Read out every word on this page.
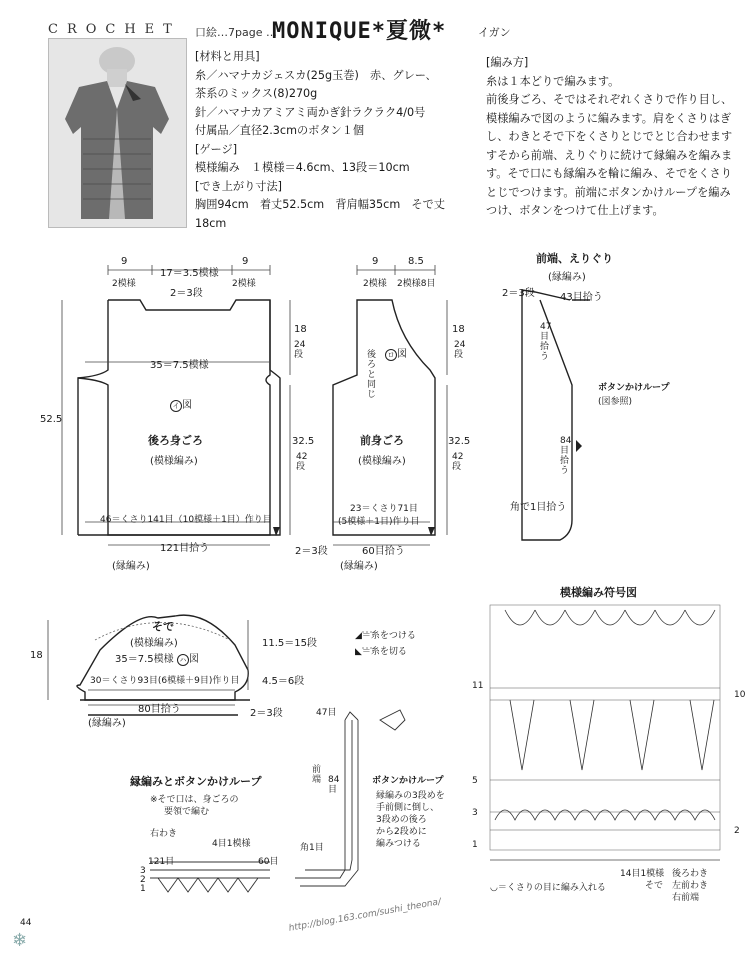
CROCHET 口絵…7page …
MONIQUE*夏微*	イガン
[材料と用具]
糸／ハマナカジェスカ(25g玉巻)　赤、グレー、
茶系のミックス(8)270g
針／ハマナカアミアミ両かぎ針ラクラク4/0号
付属品／直径2.3cmのボタン１個
[ゲージ]
模様編み　１模様＝4.6cm、13段＝10cm
[でき上がり寸法]
胸囲94cm　着丈52.5cm　背肩幅35cm　そで丈
18cm
[編み方]
糸は１本どりで編みます。
前後身ごろ、そではそれぞれくさりで作り目し、
模様編みで図のように編みます。肩をくさりはぎ
し、わきとそで下をくさりとじでとじ合わせます
すそから前端、えりぐりに続けて縁編みを編みま
す。そで口にも縁編みを輪に編み、そでをくさり
とじでつけます。前端にボタンかけループを編み
つけ、ボタンをつけて仕上げます。
9
2模様
17＝3.5模様
9
2模様
2＝3段
35＝7.5模様
イ 図
52.5
18
24段
32.5
42段
後ろ身ごろ
(模様編み)
46＝くさり141目（10模様＋1目）作り目
121目拾う
(縁編み)
9
2模様
8.5
2模様8目
後ろと同じ
ロ 図
18
24段
32.5
42段
前身ごろ
(模様編み)
23＝くさり71目
(5模様＋1目)作り目
2＝3段	60目拾う
(縁編み)
前端、えりぐり
(縁編み)
2＝3段	43目拾う
47目拾う
ボタンかけループ
(図参照)
84目拾う
角で1目拾う
そで
(模様編み)
35＝7.5模様 ハ 図
18
11.5＝15段
4.5＝6段
30＝くさり93目(6模様＋9目)作り目
80目拾う	2＝3段
(縁編み)
◢＝糸をつける
◣＝糸を切る
縁編みとボタンかけループ
※そで口は、身ごろの
要領で編む
右わき
4目1模様
121目	60目
3
2
1
47目
前端 84目
角1目
ボタンかけループ
縁編みの3段めを
手前側に倒し、
3段めの後ろ
から2段めに
編みつける
模様編み符号図
11
10
5
3
1
2
14目1模様 後ろわき
そで 左前わき
右前端
◡＝くさりの目に編み入れる
44
❄
http://blog.163.com/sushi_theona/
